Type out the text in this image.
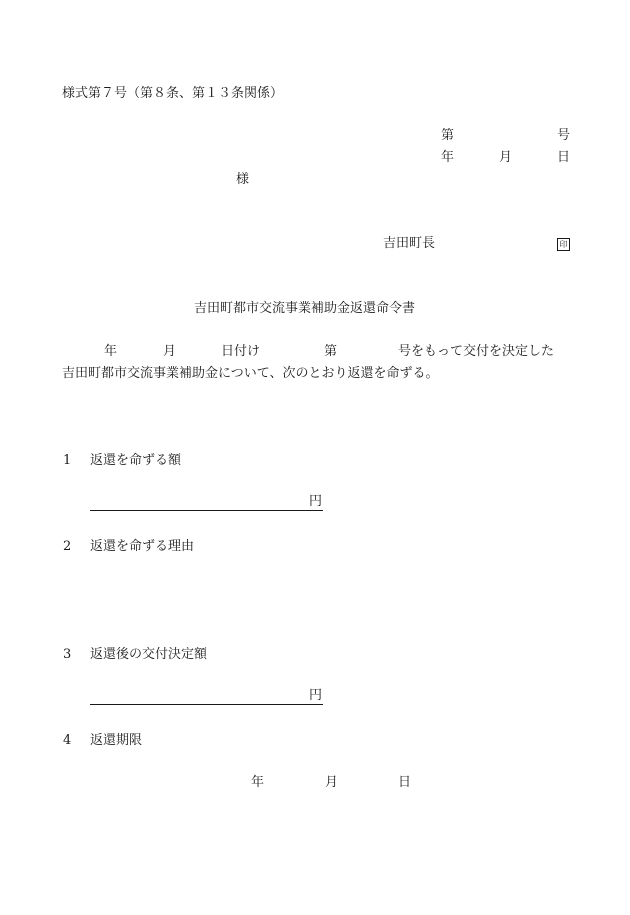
様式第７号（第８条、第１３条関係）
第	号
年	月	日
様
吉田町長	印
吉田町都市交流事業補助金返還命令書
年	月	日付け	第	号をもって交付を決定した
吉田町都市交流事業補助金について、次のとおり返還を命ずる。
1 返還を命ずる額
円
2 返還を命ずる理由
3 返還後の交付決定額
円
4 返還期限
年	月	日
